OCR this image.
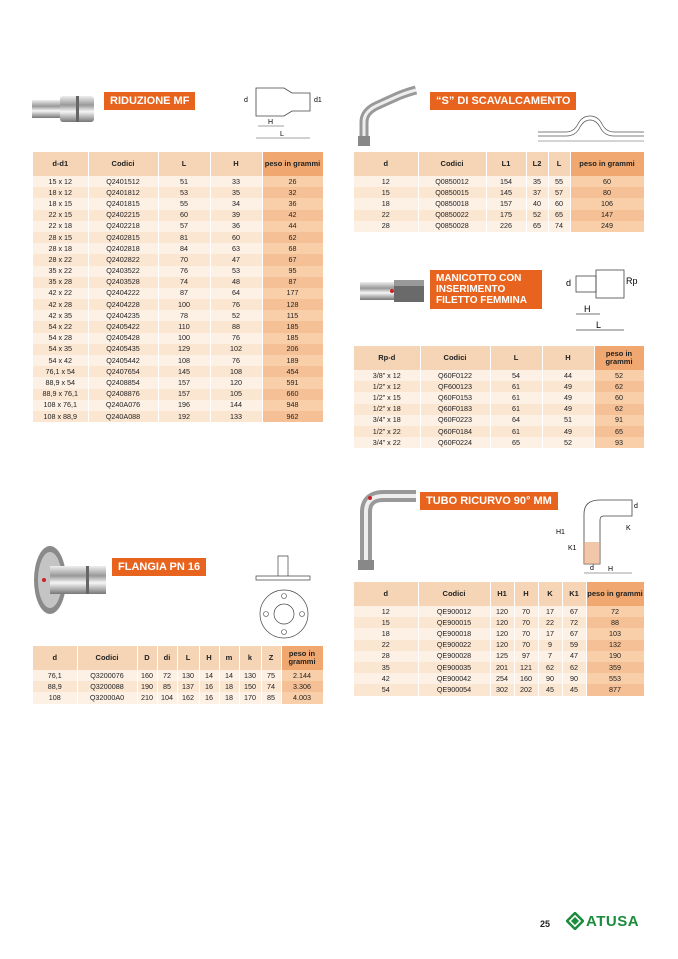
RIDUZIONE MF	d	d1
H
L
d-d1	Codici	L	H	peso in grammi
15 x 12	Q2401512	51	33	26
18 x 12	Q2401812	53	35	32
18 x 15	Q2401815	55	34	36
22 x 15	Q2402215	60	39	42
22 x 18	Q2402218	57	36	44
28 x 15	Q2402815	81	60	62
28 x 18	Q2402818	84	63	68
28 x 22	Q2402822	70	47	67
35 x 22	Q2403522	76	53	95
35 x 28	Q2403528	74	48	87
42 x 22	Q2404222	87	64	177
42 x 28	Q2404228	100	76	128
42 x 35	Q2404235	78	52	115
54 x 22	Q2405422	110	88	185
54 x 28	Q2405428	100	76	185
54 x 35	Q2405435	129	102	206
54 x 42	Q2405442	108	76	189
76,1 x 54	Q2407654	145	108	454
88,9 x 54	Q2408854	157	120	591
88,9 x 76,1	Q2408876	157	105	660
108 x 76,1	Q240A076	196	144	948
108 x 88,9	Q240A088	192	133	962
“S” DI SCAVALCAMENTO
d	Codici	L1	L2	L	peso in grammi
12	Q0850012	154	35	55	60
15	Q0850015	145	37	57	80
18	Q0850018	157	40	60	106
22	Q0850022	175	52	65	147
28	Q0850028	226	65	74	249
MANICOTTO CON INSERIMENTO FILETTO FEMMINA
d	Rp
H
L
Rp-d	Codici	L	H	peso in grammi
3/8” x 12	Q60F0122	54	44	52
1/2” x 12	QF600123	61	49	62
1/2” x 15	Q60F0153	61	49	60
1/2” x 18	Q60F0183	61	49	62
3/4” x 18	Q60F0223	64	51	91
1/2” x 22	Q60F0184	61	49	65
3/4” x 22	Q60F0224	65	52	93
TUBO RICURVO 90° MM	d
H1
K1
K
d H
d	Codici	H1	H	K	K1	peso in grammi
12	QE900012	120	70	17	67	72
15	QE900015	120	70	22	72	88
18	QE900018	120	70	17	67	103
22	QE900022	120	70	9	59	132
28	QE900028	125	97	7	47	190
35	QE900035	201	121	62	62	359
42	QE900042	254	160	90	90	553
54	QE900054	302	202	45	45	877
FLANGIA PN 16
d	Codici	D	di	L	H	m	k	Z	peso in grammi
76,1	Q3200076	160	72	130	14	14	130	75	2.144
88,9	Q3200088	190	85	137	16	18	150	74	3.306
108	Q32000A0	210	104	162	16	18	170	85	4.003
25 ATUSA
